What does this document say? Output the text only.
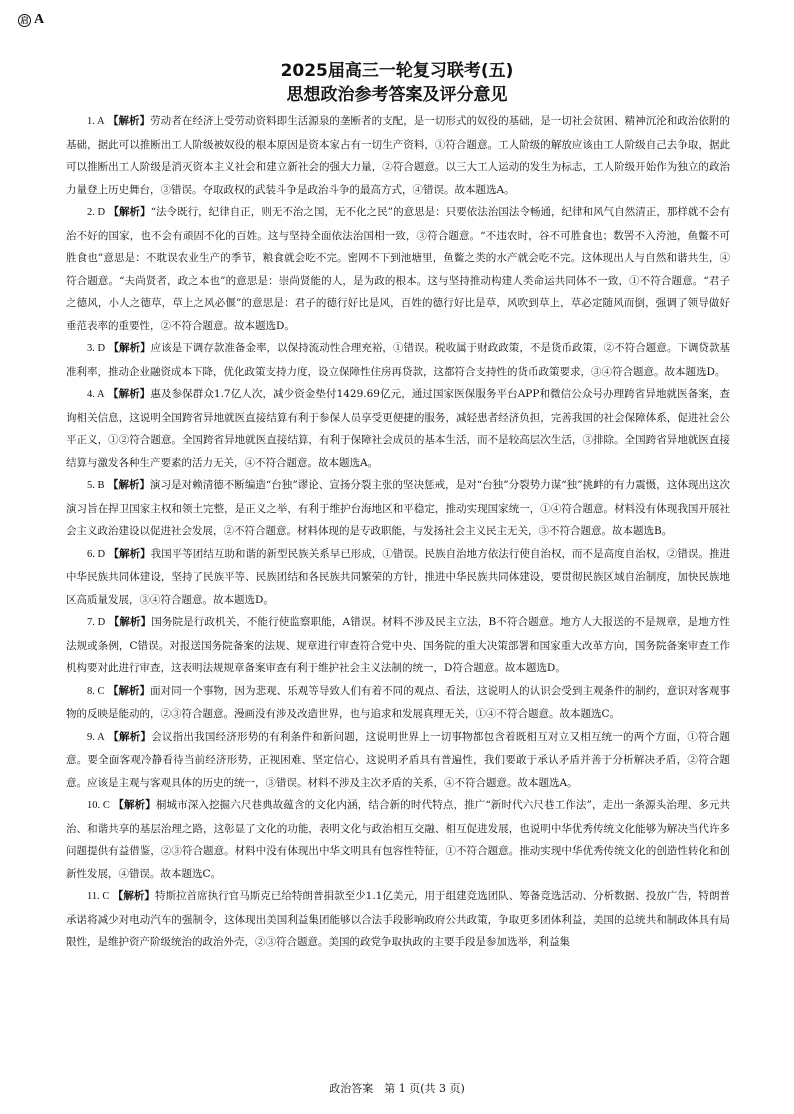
启 A
2025届高三一轮复习联考(五)
思想政治参考答案及评分意见

1. A 【解析】劳动者在经济上受劳动资料即生活源泉的垄断者的支配，是一切形式的奴役的基础，是一切社会贫困、精神沉沦和政治依附的基础，据此可以推断出工人阶级被奴役的根本原因是资本家占有一切生产资料，①符合题意。工人阶级的解放应该由工人阶级自己去争取，据此可以推断出工人阶级是消灭资本主义社会和建立新社会的强大力量，②符合题意。以三大工人运动的发生为标志，工人阶级开始作为独立的政治力量登上历史舞台，③错误。夺取政权的武装斗争是政治斗争的最高方式，④错误。故本题选A。

2. D 【解析】“法令既行，纪律自正，则无不治之国，无不化之民”的意思是：只要依法治国法令畅通，纪律和风气自然清正，那样就不会有治不好的国家，也不会有顽固不化的百姓。这与坚持全面依法治国相一致，③符合题意。“不违农时，谷不可胜食也；数罟不入洿池，鱼鳖不可胜食也”意思是：不耽误农业生产的季节，粮食就会吃不完。密网不下到池塘里，鱼鳖之类的水产就会吃不完。这体现出人与自然和谐共生，④符合题意。“夫尚贤者，政之本也”的意思是：崇尚贤能的人，是为政的根本。这与坚持推动构建人类命运共同体不一致，①不符合题意。“君子之德风，小人之德草，草上之风必偃”的意思是：君子的德行好比是风，百姓的德行好比是草，风吹到草上，草必定随风而倒，强调了领导做好垂范表率的重要性，②不符合题意。故本题选D。

3. D 【解析】应该是下调存款准备金率，以保持流动性合理充裕，①错误。税收属于财政政策，不是货币政策，②不符合题意。下调贷款基准利率，推动企业融资成本下降，优化政策支持力度，设立保障性住房再贷款，这都符合支持性的货币政策要求，③④符合题意。故本题选D。

4. A 【解析】惠及参保群众1.7亿人次，减少资金垫付1429.69亿元，通过国家医保服务平台APP和微信公众号办理跨省异地就医备案，查询相关信息，这说明全国跨省异地就医直接结算有利于参保人员享受更便捷的服务，减轻患者经济负担，完善我国的社会保障体系，促进社会公平正义，①②符合题意。全国跨省异地就医直接结算，有利于保障社会成员的基本生活，而不是较高层次生活，③排除。全国跨省异地就医直接结算与激发各种生产要素的活力无关，④不符合题意。故本题选A。

5. B 【解析】演习是对赖清德不断编造“台独”谬论、宣扬分裂主张的坚决惩戒，是对“台独”分裂势力谋“独”挑衅的有力震慑，这体现出这次演习旨在捍卫国家主权和领土完整，是正义之举，有利于维护台海地区和平稳定，推动实现国家统一，①④符合题意。材料没有体现我国开展社会主义政治建设以促进社会发展，②不符合题意。材料体现的是专政职能，与发扬社会主义民主无关，③不符合题意。故本题选B。

6. D 【解析】我国平等团结互助和谐的新型民族关系早已形成，①错误。民族自治地方依法行使自治权，而不是高度自治权，②错误。推进中华民族共同体建设，坚持了民族平等、民族团结和各民族共同繁荣的方针，推进中华民族共同体建设，要贯彻民族区域自治制度，加快民族地区高质量发展，③④符合题意。故本题选D。

7. D 【解析】国务院是行政机关，不能行使监察职能，A错误。材料不涉及民主立法，B不符合题意。地方人大报送的不是规章，是地方性法规或条例，C错误。对报送国务院备案的法规、规章进行审查符合党中央、国务院的重大决策部署和国家重大改革方向，国务院备案审查工作机构要对此进行审查，这表明法规规章备案审查有利于维护社会主义法制的统一，D符合题意。故本题选D。

8. C 【解析】面对同一个事物，因为悲观、乐观等导致人们有着不同的观点、看法，这说明人的认识会受到主观条件的制约，意识对客观事物的反映是能动的，②③符合题意。漫画没有涉及改造世界，也与追求和发展真理无关，①④不符合题意。故本题选C。

9. A 【解析】会议指出我国经济形势的有利条件和新问题，这说明世界上一切事物都包含着既相互对立又相互统一的两个方面，①符合题意。要全面客观冷静看待当前经济形势，正视困难、坚定信心，这说明矛盾具有普遍性，我们要敢于承认矛盾并善于分析解决矛盾，②符合题意。应该是主观与客观具体的历史的统一，③错误。材料不涉及主次矛盾的关系，④不符合题意。故本题选A。

10. C 【解析】桐城市深入挖掘六尺巷典故蕴含的文化内涵，结合新的时代特点，推广“新时代六尺巷工作法”，走出一条源头治理、多元共治、和谐共享的基层治理之路，这彰显了文化的功能，表明文化与政治相互交融、相互促进发展，也说明中华优秀传统文化能够为解决当代许多问题提供有益借鉴，②③符合题意。材料中没有体现出中华文明具有包容性特征，①不符合题意。推动实现中华优秀传统文化的创造性转化和创新性发展，④错误。故本题选C。

11. C 【解析】特斯拉首席执行官马斯克已给特朗普捐款至少1.1亿美元，用于组建竞选团队、筹备竞选活动、分析数据、投放广告，特朗普承诺将减少对电动汽车的强制令，这体现出美国利益集团能够以合法手段影响政府公共政策，争取更多团体利益，美国的总统共和制政体具有局限性，是维护资产阶级统治的政治外壳，②③符合题意。美国的政党争取执政的主要手段是参加选举，利益集

政治答案　第 1 页(共 3 页)
